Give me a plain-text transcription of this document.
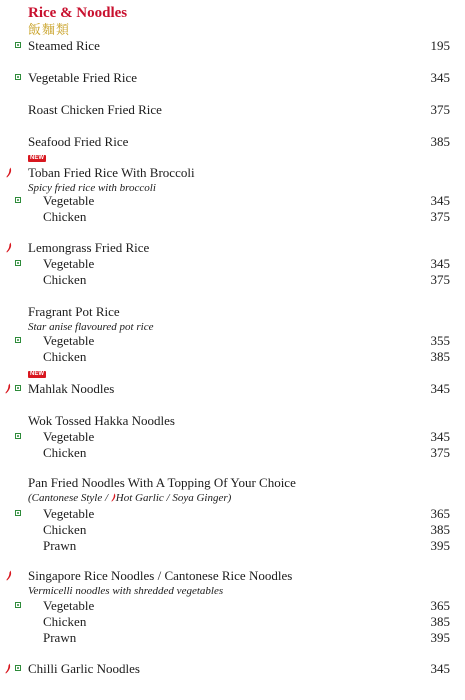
Rice & Noodles
飯麵類
Steamed Rice	195
Vegetable Fried Rice	345
Roast Chicken Fried Rice	375
Seafood Fried Rice	385
NEW
Toban Fried Rice With Broccoli
Spicy fried rice with broccoli
Vegetable	345
Chicken	375
Lemongrass Fried Rice
Vegetable	345
Chicken	375
Fragrant Pot Rice
Star anise flavoured pot rice
Vegetable	355
Chicken	385
NEW
Mahlak Noodles	345
Wok Tossed Hakka Noodles
Vegetable	345
Chicken	375
Pan Fried Noodles With A Topping Of Your Choice
(Cantonese Style / Hot Garlic / Soya Ginger)
Vegetable	365
Chicken	385
Prawn	395
Singapore Rice Noodles / Cantonese Rice Noodles
Vermicelli noodles with shredded vegetables
Vegetable	365
Chicken	385
Prawn	395
Chilli Garlic Noodles	345
